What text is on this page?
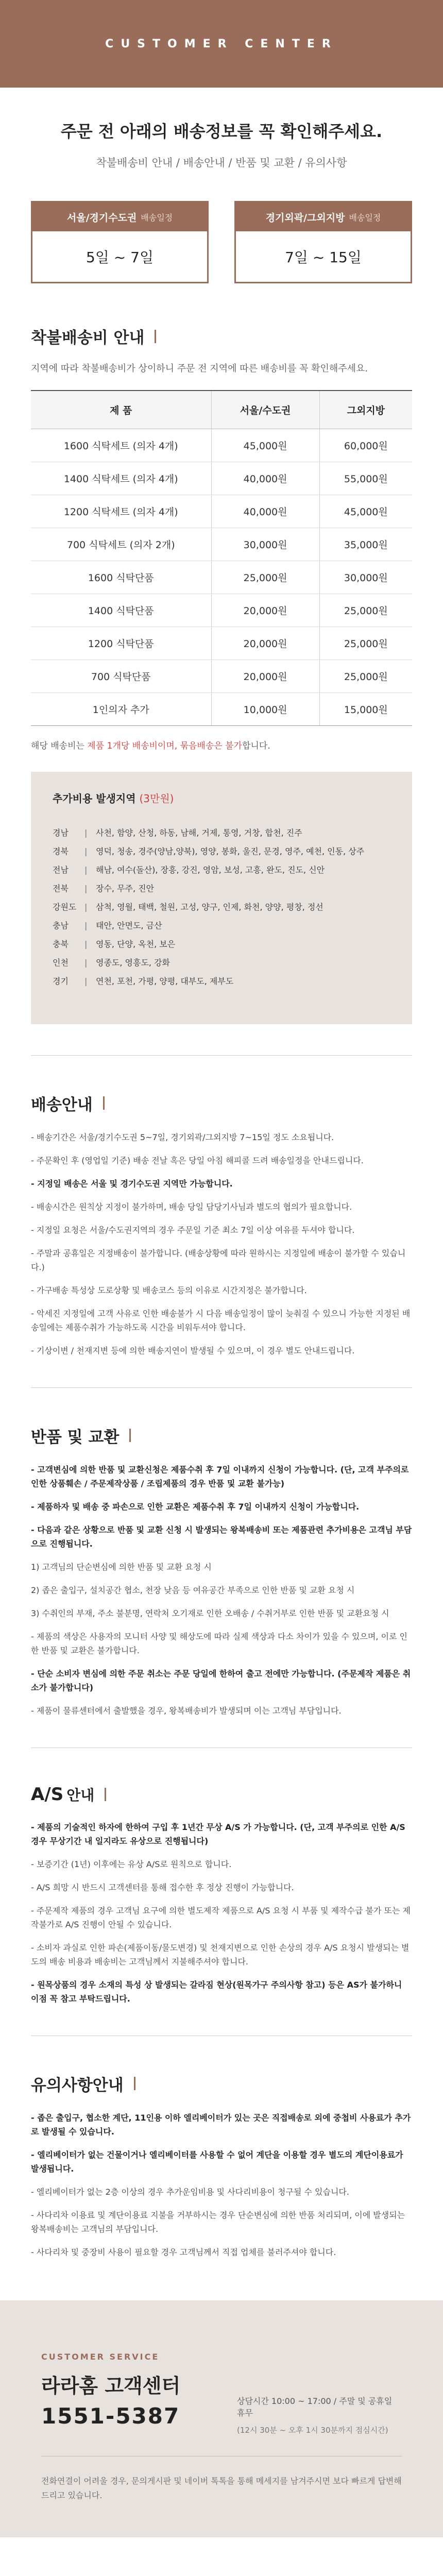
CUSTOMER CENTER
주문 전 아래의 배송정보를 꼭 확인해주세요.
착불배송비 안내 / 배송안내 / 반품 및 교환 / 유의사항
서울/경기수도권 배송일정
5일 ~ 7일
경기외곽/그외지방 배송일정
7일 ~ 15일
착불배송비 안내
지역에 따라 착불배송비가 상이하니 주문 전 지역에 따른 배송비를 꼭 확인해주세요.
제 품	서울/수도권	그외지방
1600 식탁세트 (의자 4개)	45,000원	60,000원
1400 식탁세트 (의자 4개)	40,000원	55,000원
1200 식탁세트 (의자 4개)	40,000원	45,000원
700 식탁세트 (의자 2개)	30,000원	35,000원
1600 식탁단품	25,000원	30,000원
1400 식탁단품	20,000원	25,000원
1200 식탁단품	20,000원	25,000원
700 식탁단품	20,000원	25,000원
1인의자 추가	10,000원	15,000원
해당 배송비는 제품 1개당 배송비이며, 묶음배송은 불가합니다.
추가비용 발생지역 (3만원)
경남	|	사천, 함양, 산청, 하동, 남해, 거제, 통영, 거창, 합천, 진주
경북	|	영덕, 청송, 경주(양남,양북), 영양, 봉화, 울진, 문경, 영주, 예천, 인동, 상주
전남	|	해남, 여수(돌산), 장흥, 강진, 영암, 보성, 고흥, 완도, 진도, 신안
전북	|	장수, 무주, 진안
강원도 |	삼척, 영월, 태백, 철원, 고성, 양구, 인제, 화천, 양양, 평창, 정선
충남	|	태안, 안면도, 금산
충북	|	영동, 단양, 옥천, 보은
인천	|	영종도, 영흥도, 강화
경기	|	연천, 포천, 가평, 양평, 대부도, 제부도
배송안내
- 배송기간은 서울/경기수도권 5~7일, 경기외곽/그외지방 7~15일 정도 소요됩니다.
- 주문확인 후 (영업일 기준) 배송 전날 혹은 당일 아침 해피콜 드려 배송일정을 안내드립니다.
- 지정일 배송은 서울 및 경기수도권 지역만 가능합니다.
- 배송시간은 원칙상 지정이 불가하며, 배송 당일 담당기사님과 별도의 협의가 필요합니다.
- 지정일 요청은 서울/수도권지역의 경우 주문일 기준 최소 7일 이상 여유를 두셔야 합니다.
- 주말과 공휴일은 지정배송이 불가합니다. (배송상황에 따라 원하시는 지정일에 배송이 불가할 수 있습니다.)
- 가구배송 특성상 도로상황 및 배송코스 등의 이유로 시간지정은 불가합니다.
- 악세진 지정일에 고객 사유로 인한 배송불가 시 다음 배송일정이 많이 늦춰질 수 있으니 가능한 지정된 배송일에는 제품수취가 가능하도록 시간을 비워두셔야 합니다.
- 기상이변 / 천재지변 등에 의한 배송지연이 발생될 수 있으며, 이 경우 별도 안내드립니다.
반품 및 교환
- 고객변심에 의한 반품 및 교환신청은 제품수취 후 7일 이내까지 신청이 가능합니다. (단, 고객 부주의로 인한 상품훼손 / 주문제작상품 / 조립제품의 경우 반품 및 교환 불가능)
- 제품하자 및 배송 중 파손으로 인한 교환은 제품수취 후 7일 이내까지 신청이 가능합니다.
- 다음과 같은 상황으로 반품 및 교환 신청 시 발생되는 왕복배송비 또는 제품관련 추가비용은 고객님 부담으로 진행됩니다.
1) 고객님의 단순변심에 의한 반품 및 교환 요청 시
2) 좁은 출입구, 설치공간 협소, 천장 낮음 등 여유공간 부족으로 인한 반품 및 교환 요청 시
3) 수취인의 부재, 주소 불분명, 연락처 오기재로 인한 오배송 / 수취거부로 인한 반품 및 교환요청 시
- 제품의 색상은 사용자의 모니터 사양 및 해상도에 따라 실제 색상과 다소 차이가 있을 수 있으며, 이로 인한 반품 및 교환은 불가합니다.
- 단순 소비자 변심에 의한 주문 취소는 주문 당일에 한하여 출고 전에만 가능합니다. (주문제작 제품은 취소가 불가합니다)
- 제품이 물류센터에서 출발했을 경우, 왕복배송비가 발생되며 이는 고객님 부담입니다.
A/S 안내
- 제품의 기술적인 하자에 한하여 구입 후 1년간 무상 A/S 가 가능합니다. (단, 고객 부주의로 인한 A/S 경우 무상기간 내 일지라도 유상으로 진행됩니다)
- 보증기간 (1년) 이후에는 유상 A/S로 원칙으로 합니다.
- A/S 희망 시 반드시 고객센터를 통해 접수한 후 정상 진행이 가능합니다.
- 주문제작 제품의 경우 고객님 요구에 의한 별도제작 제품으로 A/S 요청 시 부품 및 제작수급 불가 또는 제작불가로 A/S 진행이 안될 수 있습니다.
- 소비자 과실로 인한 파손(제품이동/물도변경) 및 천재지변으로 인한 손상의 경우 A/S 요청시 발생되는 별도의 배송 비용과 배송비는 고객님께서 지불해주셔야 합니다.
- 원목상품의 경우 소재의 특성 상 발생되는 갈라짐 현상(원목가구 주의사항 참고) 등은 AS가 불가하니 이점 꼭 참고 부탁드립니다.
유의사항안내
- 좁은 출입구, 협소한 계단, 11인용 이하 엘리베이터가 있는 곳은 직접배송로 외에 중첩비 사용료가 추가로 발생될 수 있습니다.
- 엘리베이터가 없는 건물이거나 엘리베이터를 사용할 수 없어 계단을 이용할 경우 별도의 계단이용료가 발생됩니다.
- 엘리베이터가 없는 2층 이상의 경우 추가운임비용 및 사다리비용이 청구될 수 있습니다.
- 사다리차 이용료 및 계단이용료 지불을 거부하시는 경우 단순변심에 의한 반품 처리되며, 이에 발생되는 왕복배송비는 고객님의 부담입니다.
- 사다리차 및 중장비 사용이 필요할 경우 고객님께서 직접 업체를 불러주셔야 합니다.
CUSTOMER SERVICE
라라홈 고객센터
1551-5387
상담시간 10:00 ~ 17:00 / 주말 및 공휴일 휴무
(12시 30분 ~ 오후 1시 30분까지 점심시간)
전화연결이 어려울 경우, 문의게시판 및 네이버 톡톡을 통해 메세지를 남겨주시면 보다 빠르게 답변해드리고 있습니다.
